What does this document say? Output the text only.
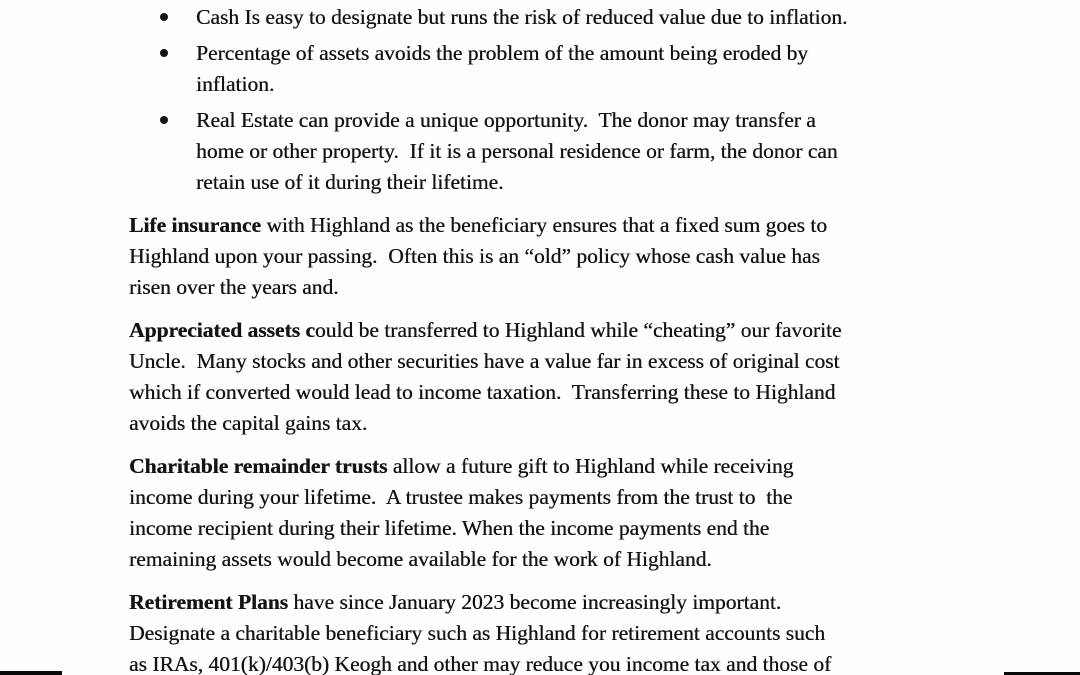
Cash Is easy to designate but runs the risk of reduced value due to inflation.
Percentage of assets avoids the problem of the amount being eroded by
inflation.
Real Estate can provide a unique opportunity.  The donor may transfer a
home or other property.  If it is a personal residence or farm, the donor can
retain use of it during their lifetime.

Life insurance with Highland as the beneficiary ensures that a fixed sum goes to
Highland upon your passing.  Often this is an “old” policy whose cash value has
risen over the years and.

Appreciated assets could be transferred to Highland while “cheating” our favorite
Uncle.  Many stocks and other securities have a value far in excess of original cost
which if converted would lead to income taxation.  Transferring these to Highland
avoids the capital gains tax.

Charitable remainder trusts allow a future gift to Highland while receiving
income during your lifetime.  A trustee makes payments from the trust to  the
income recipient during their lifetime. When the income payments end the
remaining assets would become available for the work of Highland.

Retirement Plans have since January 2023 become increasingly important.
Designate a charitable beneficiary such as Highland for retirement accounts such
as IRAs, 401(k)/403(b) Keogh and other may reduce you income tax and those of
